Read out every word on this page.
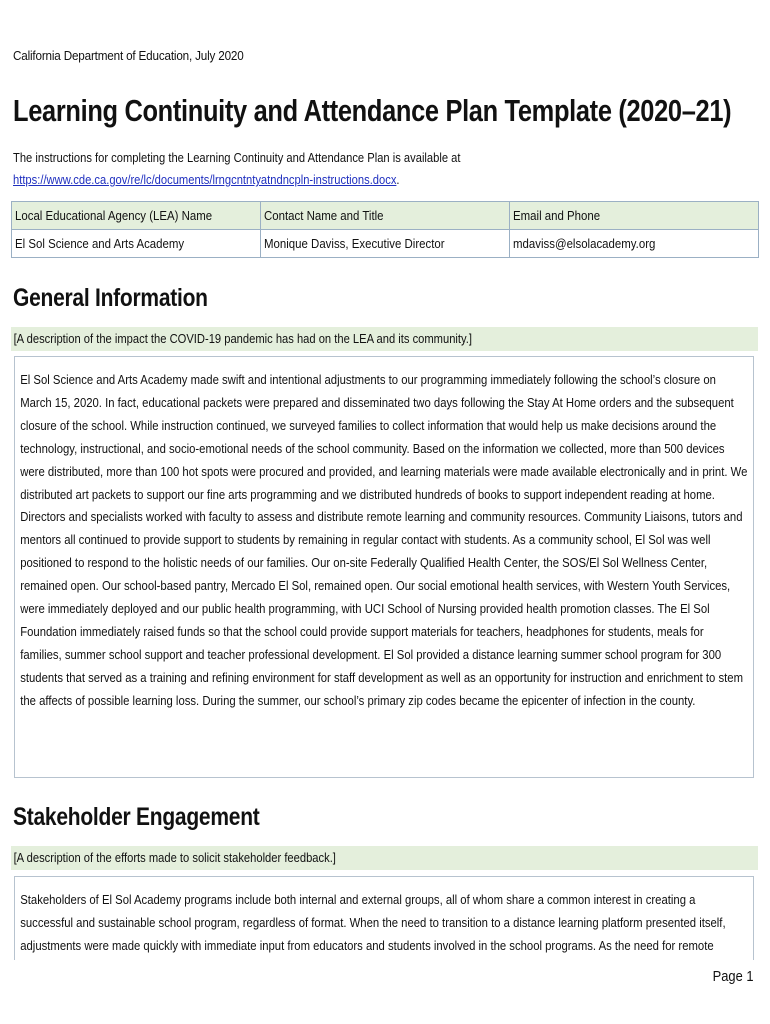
California Department of Education, July 2020
Learning Continuity and Attendance Plan Template (2020–21)
The instructions for completing the Learning Continuity and Attendance Plan is available at
https://www.cde.ca.gov/re/lc/documents/lrngcntntyatndncpln-instructions.docx.
Local Educational Agency (LEA) Name	Contact Name and Title	Email and Phone
El Sol Science and Arts Academy	Monique Daviss, Executive Director	mdaviss@elsolacademy.org
General Information
[A description of the impact the COVID-19 pandemic has had on the LEA and its community.]

El Sol Science and Arts Academy made swift and intentional adjustments to our programming immediately following the school’s closure on March 15, 2020. In fact, educational packets were prepared and disseminated two days following the Stay At Home orders and the subsequent closure of the school. While instruction continued, we surveyed families to collect information that would help us make decisions around the technology, instructional, and socio-emotional needs of the school community. Based on the information we collected, more than 500 devices were distributed, more than 100 hot spots were procured and provided, and learning materials were made available electronically and in print. We distributed art packets to support our fine arts programming and we distributed hundreds of books to support independent reading at home. Directors and specialists worked with faculty to assess and distribute remote learning and community resources. Community Liaisons, tutors and mentors all continued to provide support to students by remaining in regular contact with students. As a community school, El Sol was well positioned to respond to the holistic needs of our families. Our on-site Federally Qualified Health Center, the SOS/El Sol Wellness Center, remained open. Our school-based pantry, Mercado El Sol, remained open. Our social emotional health services, with Western Youth Services, were immediately deployed and our public health programming, with UCI School of Nursing provided health promotion classes. The El Sol Foundation immediately raised funds so that the school could provide support materials for teachers, headphones for students, meals for families, summer school support and teacher professional development. El Sol provided a distance learning summer school program for 300 students that served as a training and refining environment for staff development as well as an opportunity for instruction and enrichment to stem the affects of possible learning loss. During the summer, our school’s primary zip codes became the epicenter of infection in the county.

Stakeholder Engagement
[A description of the efforts made to solicit stakeholder feedback.]

Stakeholders of El Sol Academy programs include both internal and external groups, all of whom share a common interest in creating a successful and sustainable school program, regardless of format. When the need to transition to a distance learning platform presented itself, adjustments were made quickly with immediate input from educators and students involved in the school programs. As the need for remote

Page 1
